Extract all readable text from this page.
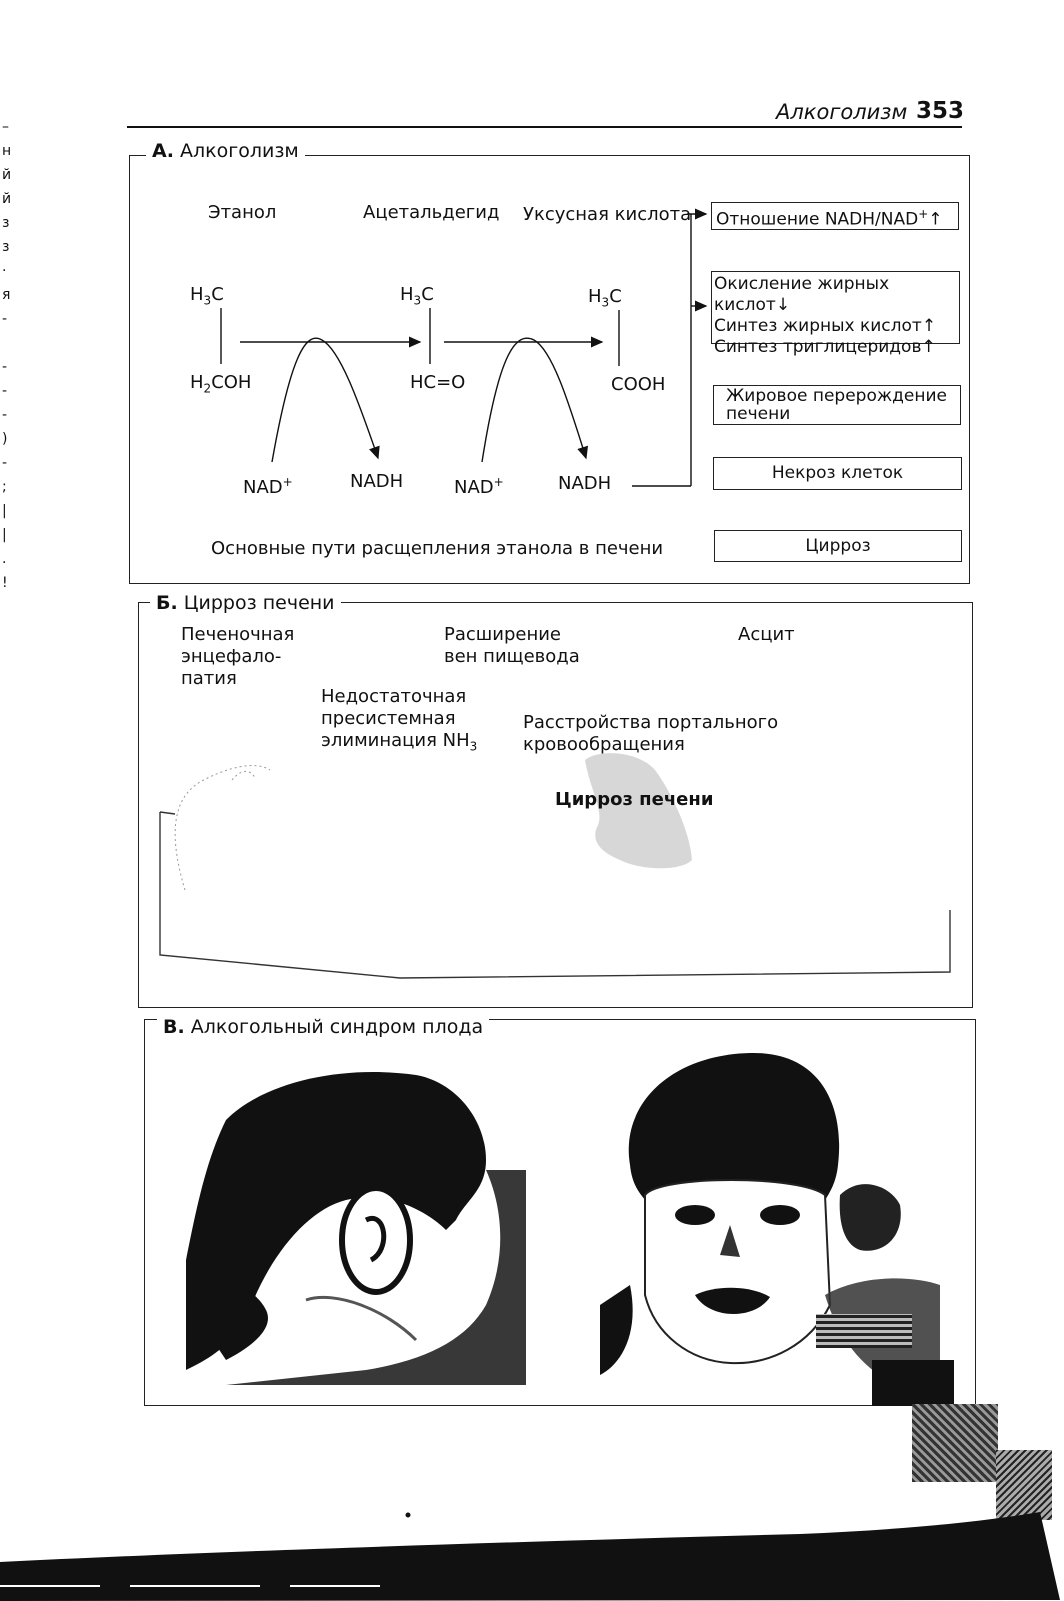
Алкоголизм 353
–
н
й
й
з
з
·
я
-
-
-
-
)
-
;
|
|
.
!
А. Алкоголизм
Этанол	Ацетальдегид Уксусная кислота
$H_3C$
$H_2COH$
$H_3C$
HC=O
$H_3C$
COOH
NAD+	NADH	NAD+	NADH
Основные пути расщепления этанола в печени
Отношение NADH/NAD+↑
Окисление жирных кислот↓
Синтез жирных кислот↑
Синтез триглицеридов↑
Жировое перерождение печени
Некроз клеток
Цирроз
Б. Цирроз печени
Печеночная
энцефало-
патия
Расширение
вен пищевода
Асцит
Недостаточная
пресистемная
элиминация $NH_3$
Расстройства портального
кровообращения
Цирроз печени
В. Алкогольный синдром плода
